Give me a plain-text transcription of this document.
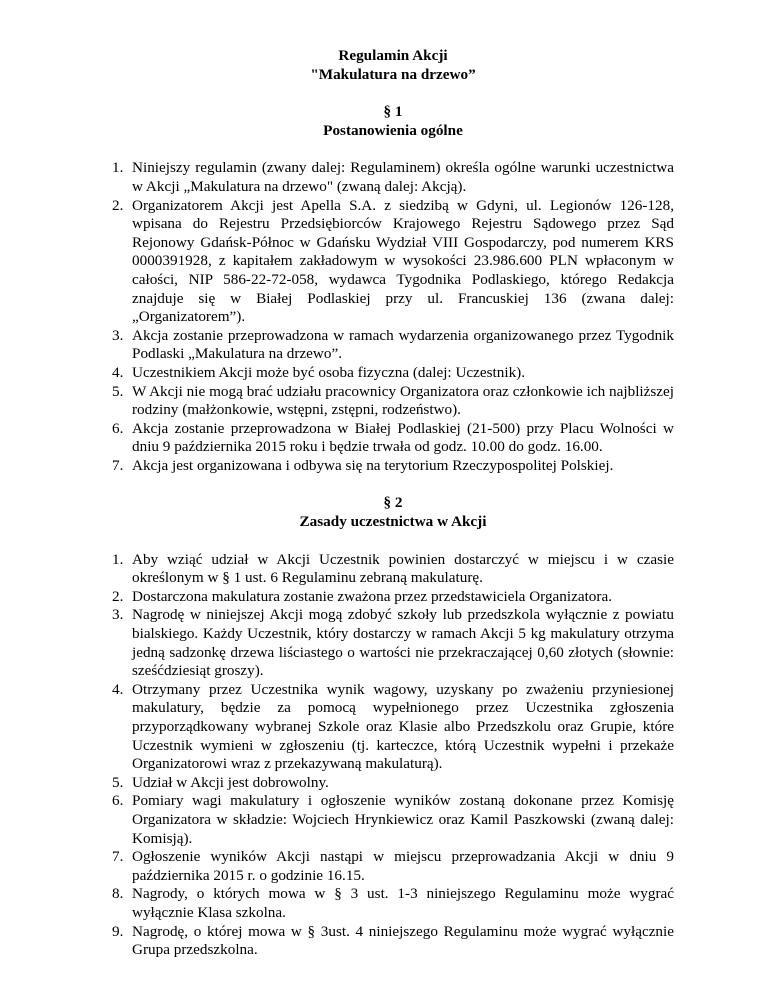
Regulamin Akcji
"Makulatura na drzewo”
§ 1
Postanowienia ogólne
1. Niniejszy regulamin (zwany dalej: Regulaminem) określa ogólne warunki uczestnictwa w Akcji „Makulatura na drzewo" (zwaną dalej: Akcją).
2. Organizatorem Akcji jest Apella S.A. z siedzibą w Gdyni, ul. Legionów 126-128, wpisana do Rejestru Przedsiębiorców Krajowego Rejestru Sądowego przez Sąd Rejonowy Gdańsk-Północ w Gdańsku Wydział VIII Gospodarczy, pod numerem KRS 0000391928, z kapitałem zakładowym w wysokości 23.986.600 PLN wpłaconym w całości, NIP 586-22-72-058, wydawca Tygodnika Podlaskiego, którego Redakcja znajduje się w Białej Podlaskiej przy ul. Francuskiej 136 (zwana dalej: „Organizatorem”).
3. Akcja zostanie przeprowadzona w ramach wydarzenia organizowanego przez Tygodnik Podlaski „Makulatura na drzewo”.
4. Uczestnikiem Akcji może być osoba fizyczna (dalej: Uczestnik).
5. W Akcji nie mogą brać udziału pracownicy Organizatora oraz członkowie ich najbliższej rodziny (małżonkowie, wstępni, zstępni, rodzeństwo).
6. Akcja zostanie przeprowadzona w Białej Podlaskiej (21-500) przy Placu Wolności w dniu 9 października 2015 roku i będzie trwała od godz. 10.00 do godz. 16.00.
7. Akcja jest organizowana i odbywa się na terytorium Rzeczypospolitej Polskiej.
§ 2
Zasady uczestnictwa w Akcji
1. Aby wziąć udział w Akcji Uczestnik powinien dostarczyć w miejscu i w czasie określonym w § 1 ust. 6 Regulaminu zebraną makulaturę.
2. Dostarczona makulatura zostanie zważona przez przedstawiciela Organizatora.
3. Nagrodę w niniejszej Akcji mogą zdobyć szkoły lub przedszkola wyłącznie z powiatu bialskiego. Każdy Uczestnik, który dostarczy w ramach Akcji 5 kg makulatury otrzyma jedną sadzonkę drzewa liściastego o wartości nie przekraczającej 0,60 złotych (słownie: sześćdziesiąt groszy).
4. Otrzymany przez Uczestnika wynik wagowy, uzyskany po zważeniu przyniesionej makulatury, będzie za pomocą wypełnionego przez Uczestnika zgłoszenia przyporządkowany wybranej Szkole oraz Klasie albo Przedszkolu oraz Grupie, które Uczestnik wymieni w zgłoszeniu (tj. karteczce, którą Uczestnik wypełni i przekaże Organizatorowi wraz z przekazywaną makulaturą).
5. Udział w Akcji jest dobrowolny.
6. Pomiary wagi makulatury i ogłoszenie wyników zostaną dokonane przez Komisję Organizatora w składzie: Wojciech Hrynkiewicz oraz Kamil Paszkowski (zwaną dalej: Komisją).
7. Ogłoszenie wyników Akcji nastąpi w miejscu przeprowadzania Akcji w dniu 9 października 2015 r. o godzinie 16.15.
8. Nagrody, o których mowa w § 3 ust. 1-3 niniejszego Regulaminu może wygrać wyłącznie Klasa szkolna.
9. Nagrodę, o której mowa w § 3ust. 4 niniejszego Regulaminu może wygrać wyłącznie Grupa przedszkolna.
